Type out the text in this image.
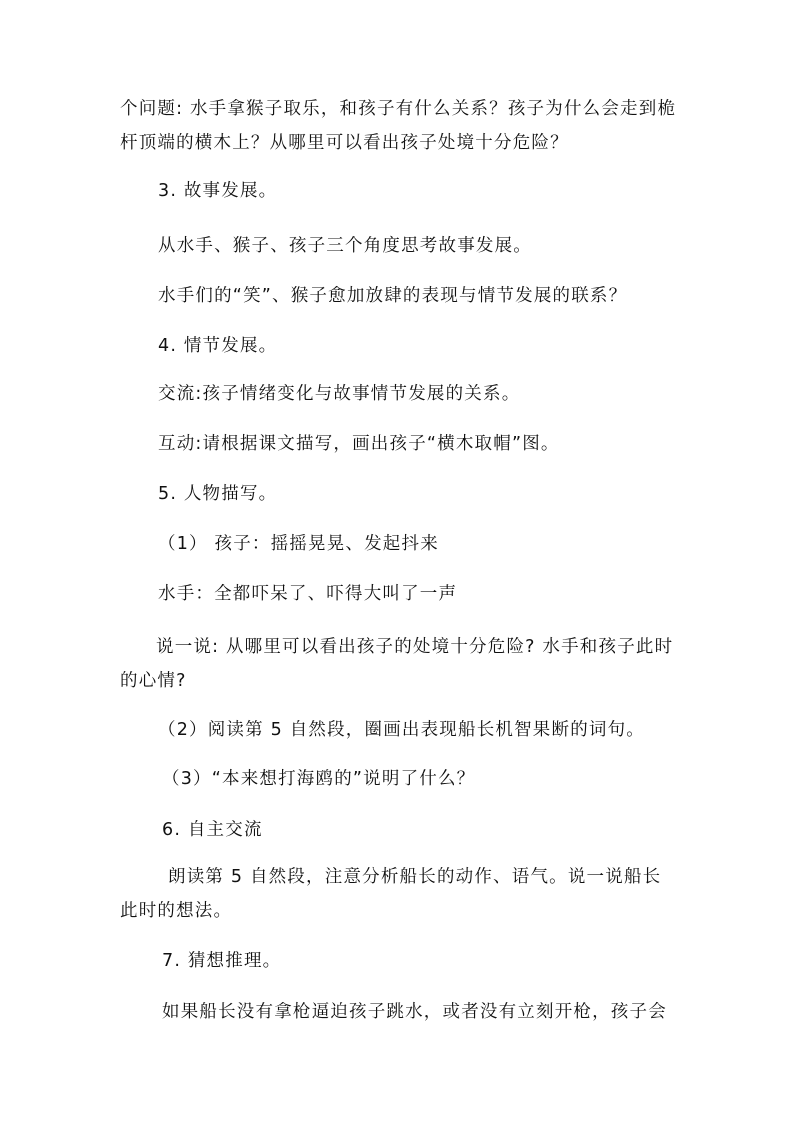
个问题: 水手拿猴子取乐，和孩子有什么关系？孩子为什么会走到桅杆顶端的横木上？从哪里可以看出孩子处境十分危险？

3. 故事发展。

从水手、猴子、孩子三个角度思考故事发展。

水手们的“笑”、猴子愈加放肆的表现与情节发展的联系？

4. 情节发展。

交流:孩子情绪变化与故事情节发展的关系。

互动:请根据课文描写，画出孩子“横木取帽”图。

5. 人物描写。

（1） 孩子：摇摇晃晃、发起抖来

水手：全都吓呆了、吓得大叫了一声

说一说: 从哪里可以看出孩子的处境十分危险? 水手和孩子此时的心情?

（2）阅读第 5 自然段，圈画出表现船长机智果断的词句。

（3）“本来想打海鸥的”说明了什么？

6. 自主交流

朗读第 5 自然段，注意分析船长的动作、语气。说一说船长此时的想法。

7. 猜想推理。

如果船长没有拿枪逼迫孩子跳水，或者没有立刻开枪，孩子会
